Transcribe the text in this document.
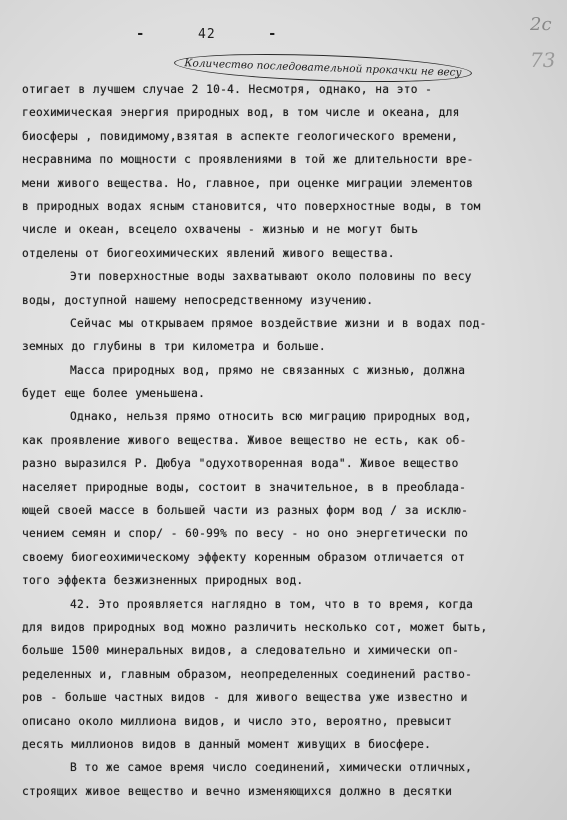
-	42	-
Количество последовательной прокачки не весу
2с
73
отигает в лучшем случае 2 10-4. Несмотря, однако, на это -
геохимическая энергия природных вод, в том числе и океана, для
биосферы , повидимому,взятая в аспекте геологического времени,
несравнима по мощности с проявлениями в той же длительности вре-
мени живого вещества. Но, главное, при оценке миграции элементов
в природных водах ясным становится, что поверхностные воды, в том
числе и океан, всецело охвачены - жизнью и не могут быть
отделены от биогеохимических явлений живого вещества.
Эти поверхностные воды захватывают около половины по весу
воды, доступной нашему непосредственному изучению.
Сейчас мы открываем прямое воздействие жизни и в водах под-
земных до глубины в три километра и больше.
Масса природных вод, прямо не связанных с жизнью, должна
будет еще более уменьшена.
Однако, нельзя прямо относить всю миграцию природных вод,
как проявление живого вещества. Живое вещество не есть, как об-
разно выразился Р. Дюбуа "одухотворенная вода". Живое вещество
населяет природные воды, состоит в значительное, в в преоблада-
ющей своей массе в большей части из разных форм вод / за исклю-
чением семян и спор/ - 60-99% по весу - но оно энергетически по
своему биогеохимическому эффекту коренным образом отличается от
того эффекта безжизненных природных вод.
42. Это проявляется наглядно в том, что в то время, когда
для видов природных вод можно различить несколько сот, может быть,
больше 1500 минеральных видов, а следовательно и химически оп-
ределенных и, главным образом, неопределенных соединений раство-
ров - больше частных видов - для живого вещества уже известно и
описано около миллиона видов, и число это, вероятно, превысит
десять миллионов видов в данный момент живущих в биосфере.
В то же самое время число соединений, химически отличных,
строящих живое вещество и вечно изменяющихся должно в десятки
